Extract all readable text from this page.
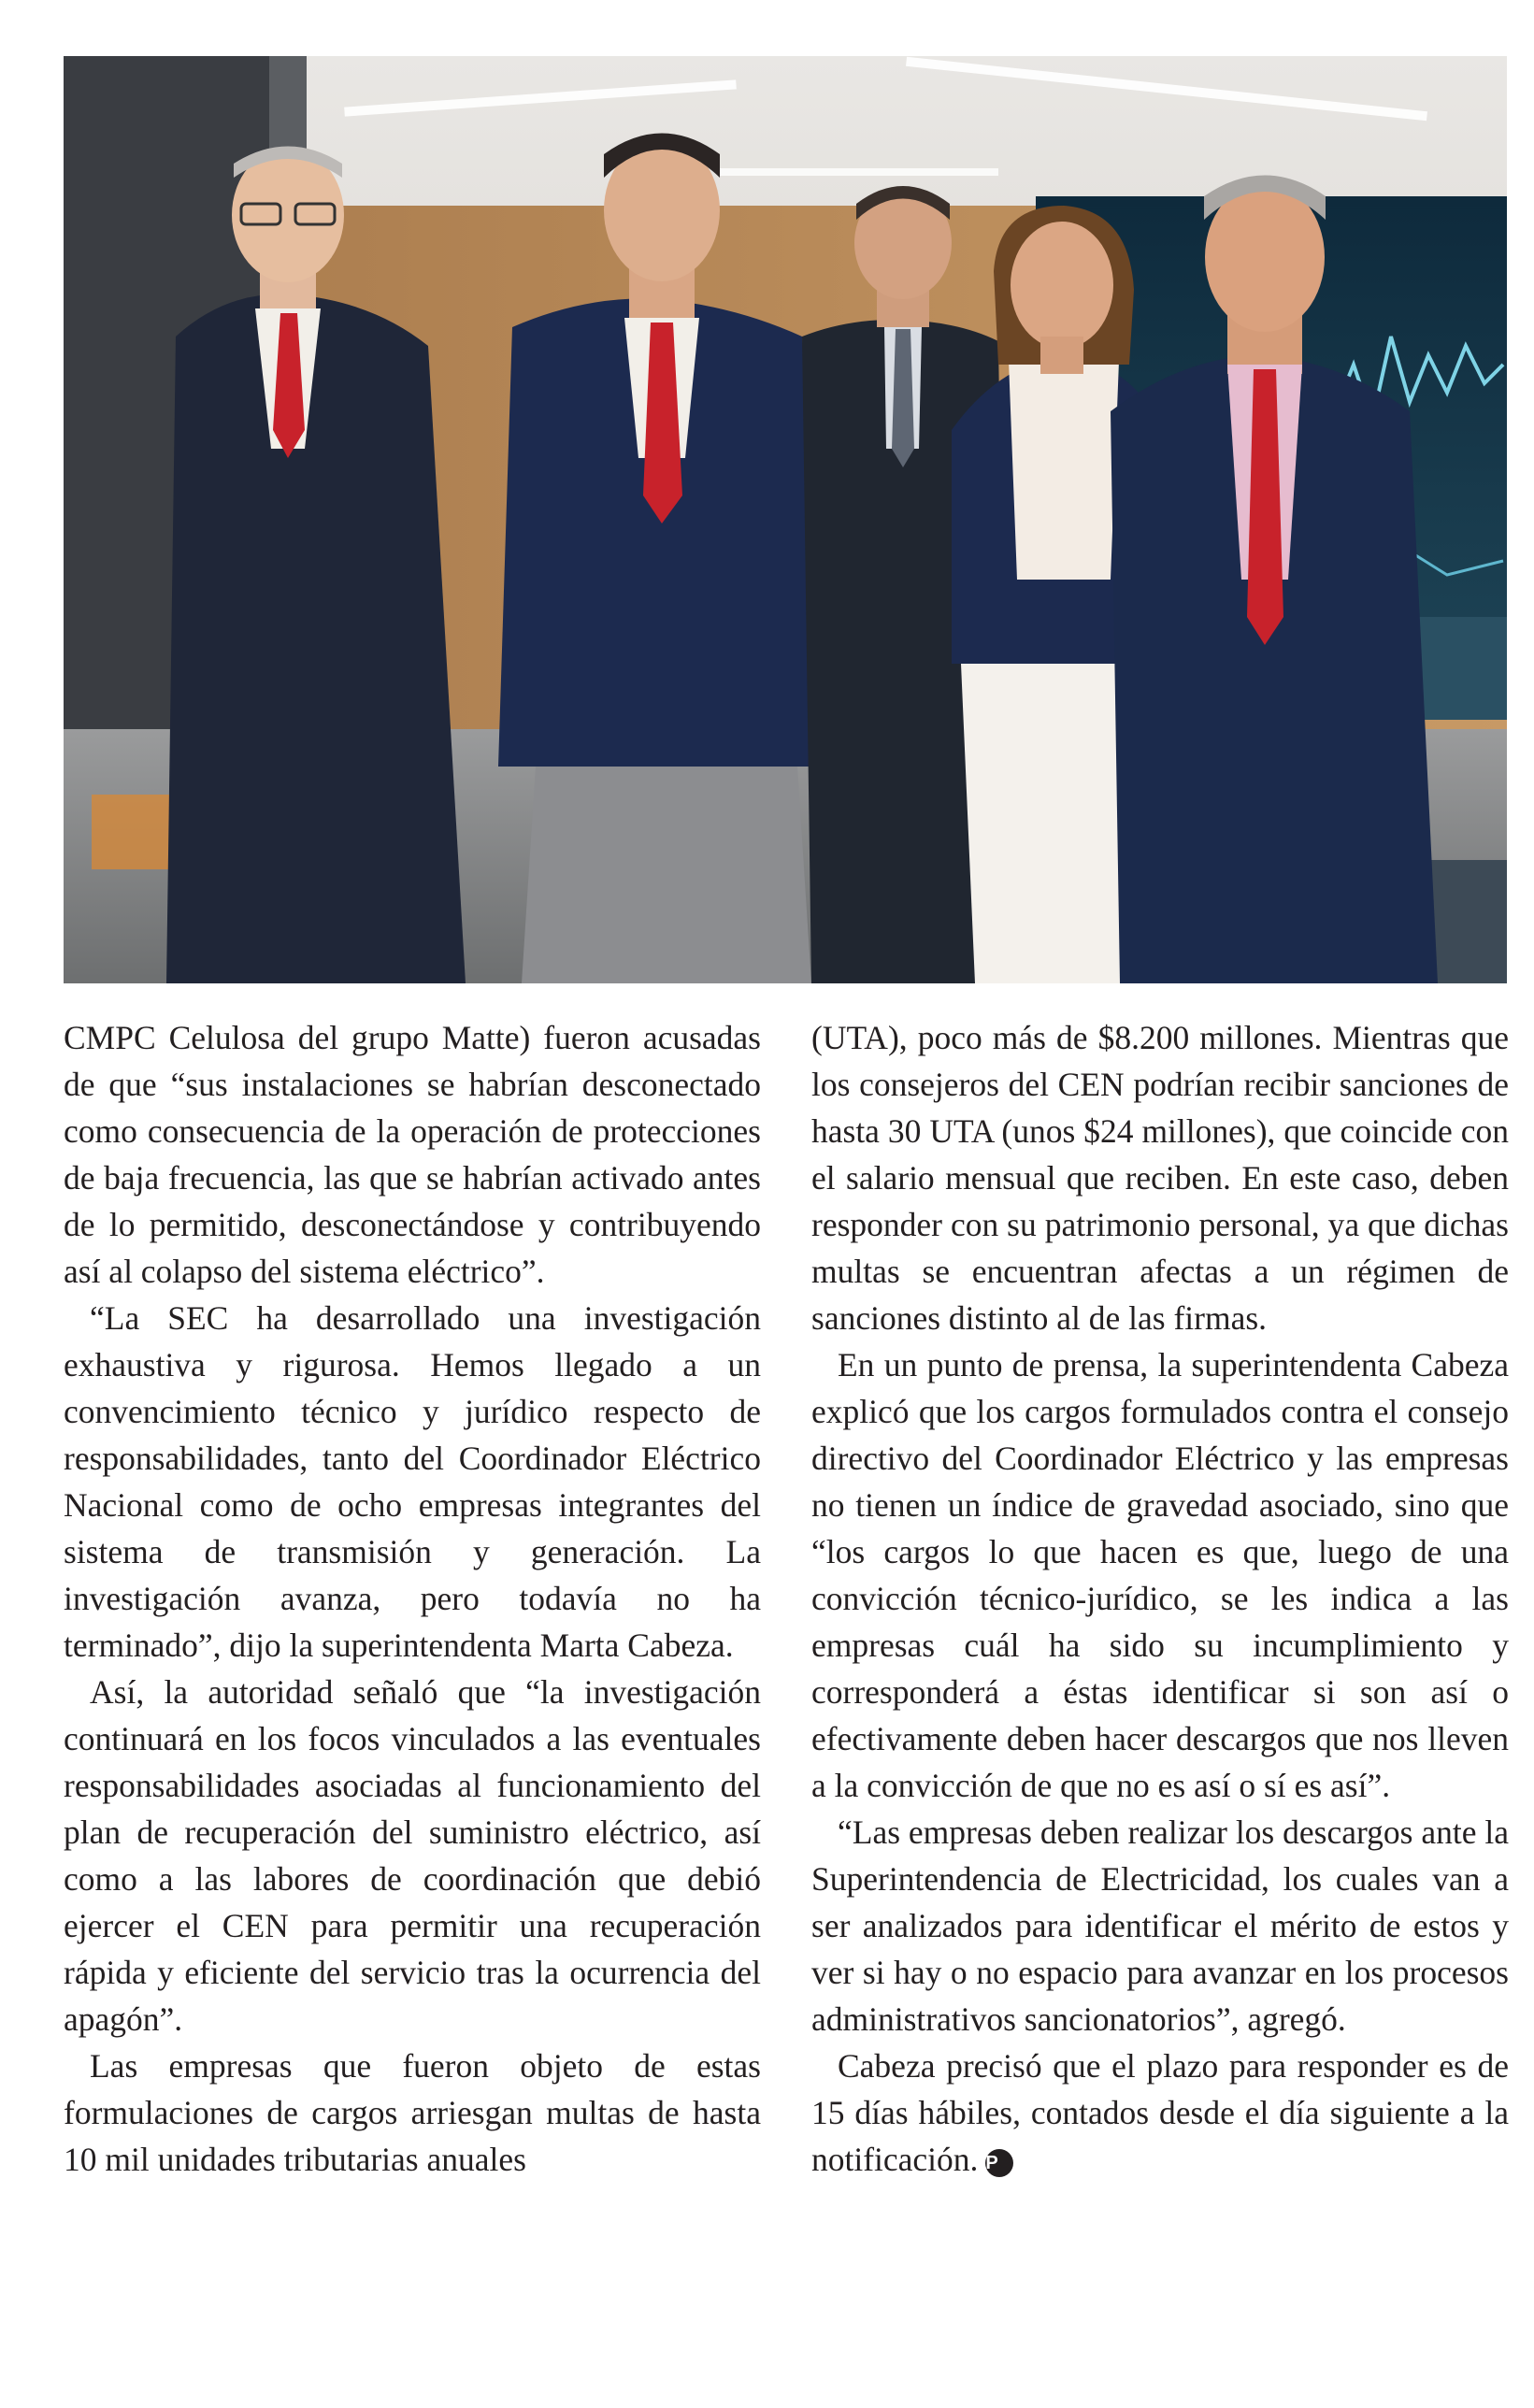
CMPC Celulosa del grupo Matte) fueron acusadas de que “sus instalaciones se habrían desconectado como consecuencia de la operación de protecciones de baja frecuencia, las que se habrían activado antes de lo permitido, desconectándose y contribuyendo así al colapso del sistema eléctrico”.

“La SEC ha desarrollado una investigación exhaustiva y rigurosa. Hemos llegado a un convencimiento técnico y jurídico respecto de responsabilidades, tanto del Coordinador Eléctrico Nacional como de ocho empresas integrantes del sistema de transmisión y generación. La investigación avanza, pero todavía no ha terminado”, dijo la superintendenta Marta Cabeza.

Así, la autoridad señaló que “la investigación continuará en los focos vinculados a las eventuales responsabilidades asociadas al funcionamiento del plan de recuperación del suministro eléctrico, así como a las labores de coordinación que debió ejercer el CEN para permitir una recuperación rápida y eficiente del servicio tras la ocurrencia del apagón”.

Las empresas que fueron objeto de estas formulaciones de cargos arriesgan multas de hasta 10 mil unidades tributarias anuales

(UTA), poco más de $8.200 millones. Mientras que los consejeros del CEN podrían recibir sanciones de hasta 30 UTA (unos $24 millones), que coincide con el salario mensual que reciben. En este caso, deben responder con su patrimonio personal, ya que dichas multas se encuentran afectas a un régimen de sanciones distinto al de las firmas.

En un punto de prensa, la superintendenta Cabeza explicó que los cargos formulados contra el consejo directivo del Coordinador Eléctrico y las empresas no tienen un índice de gravedad asociado, sino que “los cargos lo que hacen es que, luego de una convicción técnico-jurídico, se les indica a las empresas cuál ha sido su incumplimiento y corresponderá a éstas identificar si son así o efectivamente deben hacer descargos que nos lleven a la convicción de que no es así o sí es así”.

“Las empresas deben realizar los descargos ante la Superintendencia de Electricidad, los cuales van a ser analizados para identificar el mérito de estos y ver si hay o no espacio para avanzar en los procesos administrativos sancionatorios”, agregó.

Cabeza precisó que el plazo para responder es de 15 días hábiles, contados desde el día siguiente a la notificación. P
